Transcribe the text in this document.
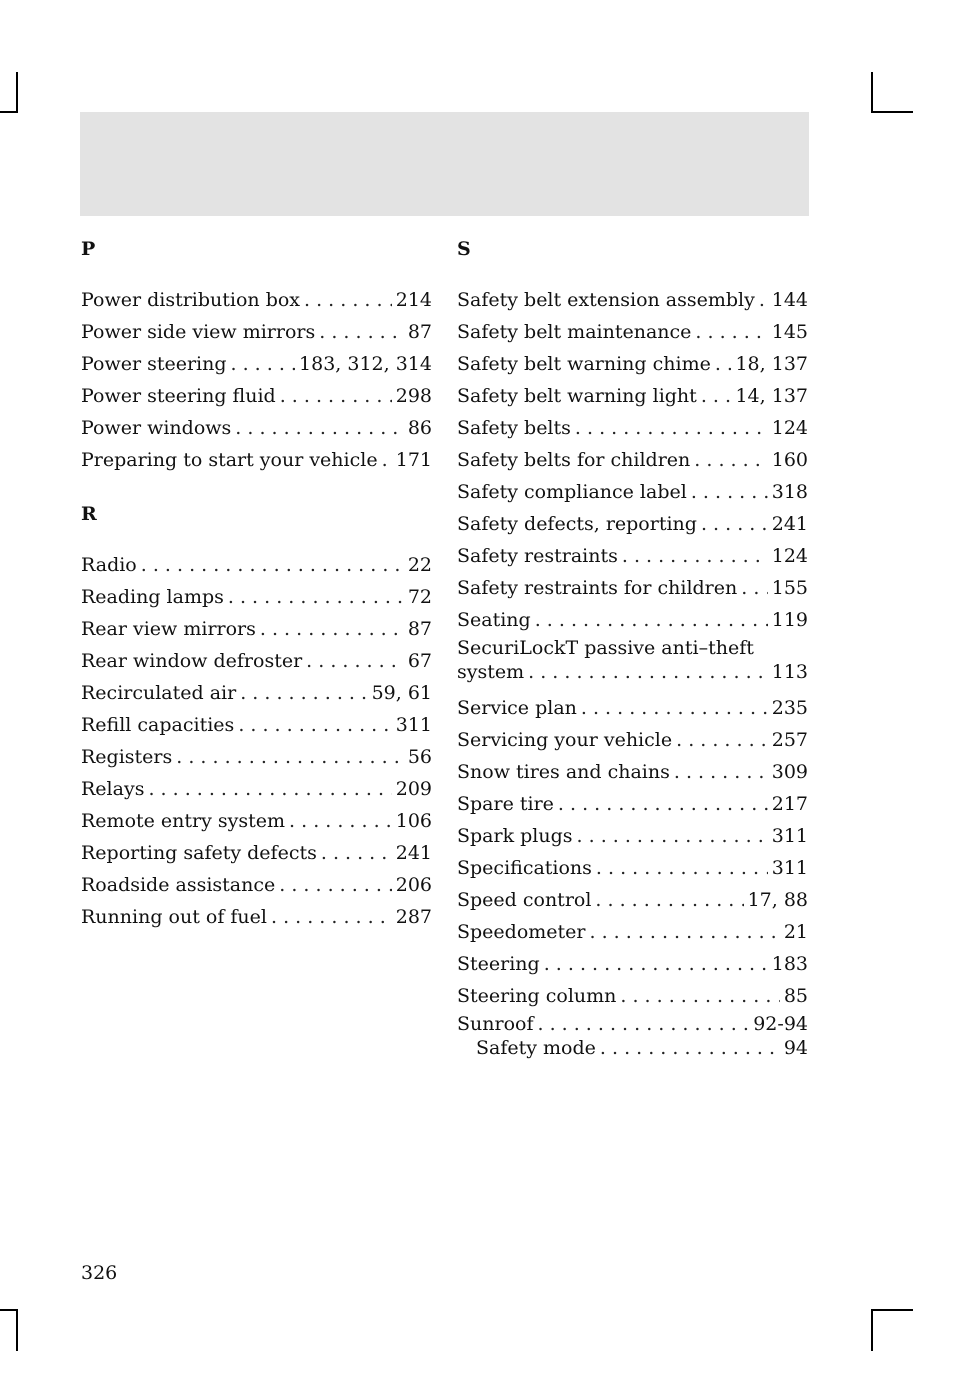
P
Power distribution box . . .	214
Power side view mirrors . . .	87
Power steering . . .	183, 312, 314
Power steering fluid . . .	298
Power windows . . .	86
Preparing to start your vehicle . . . 171
R
Radio . . .	22
Reading lamps . . .	72
Rear view mirrors . . .	87
Rear window defroster . . .	67
Recirculated air . . .	59, 61
Refill capacities . . .	311
Registers . . .	56
Relays . . .	209
Remote entry system . . .	106
Reporting safety defects . . .	241
Roadside assistance . . .	206
Running out of fuel . . .	287
S
Safety belt extension assembly . . . 144
Safety belt maintenance . . .	145
Safety belt warning chime . . . 18, 137
Safety belt warning light . . . 14, 137
Safety belts . . .	124
Safety belts for children . . .	160
Safety compliance label . . .	318
Safety defects, reporting . . .	241
Safety restraints . . .	124
Safety restraints for children . . . 155
Seating . . .	119
SecuriLockT passive anti–theft
system . . .	113
Service plan . . .	235
Servicing your vehicle . . .	257
Snow tires and chains . . .	309
Spare tire . . .	217
Spark plugs . . .	311
Specifications . . .	311
Speed control . . .	17, 88
Speedometer . . .	21
Steering . . .	183
Steering column . . .	85
Sunroof . . .	92-94
Safety mode . . .	94
326
